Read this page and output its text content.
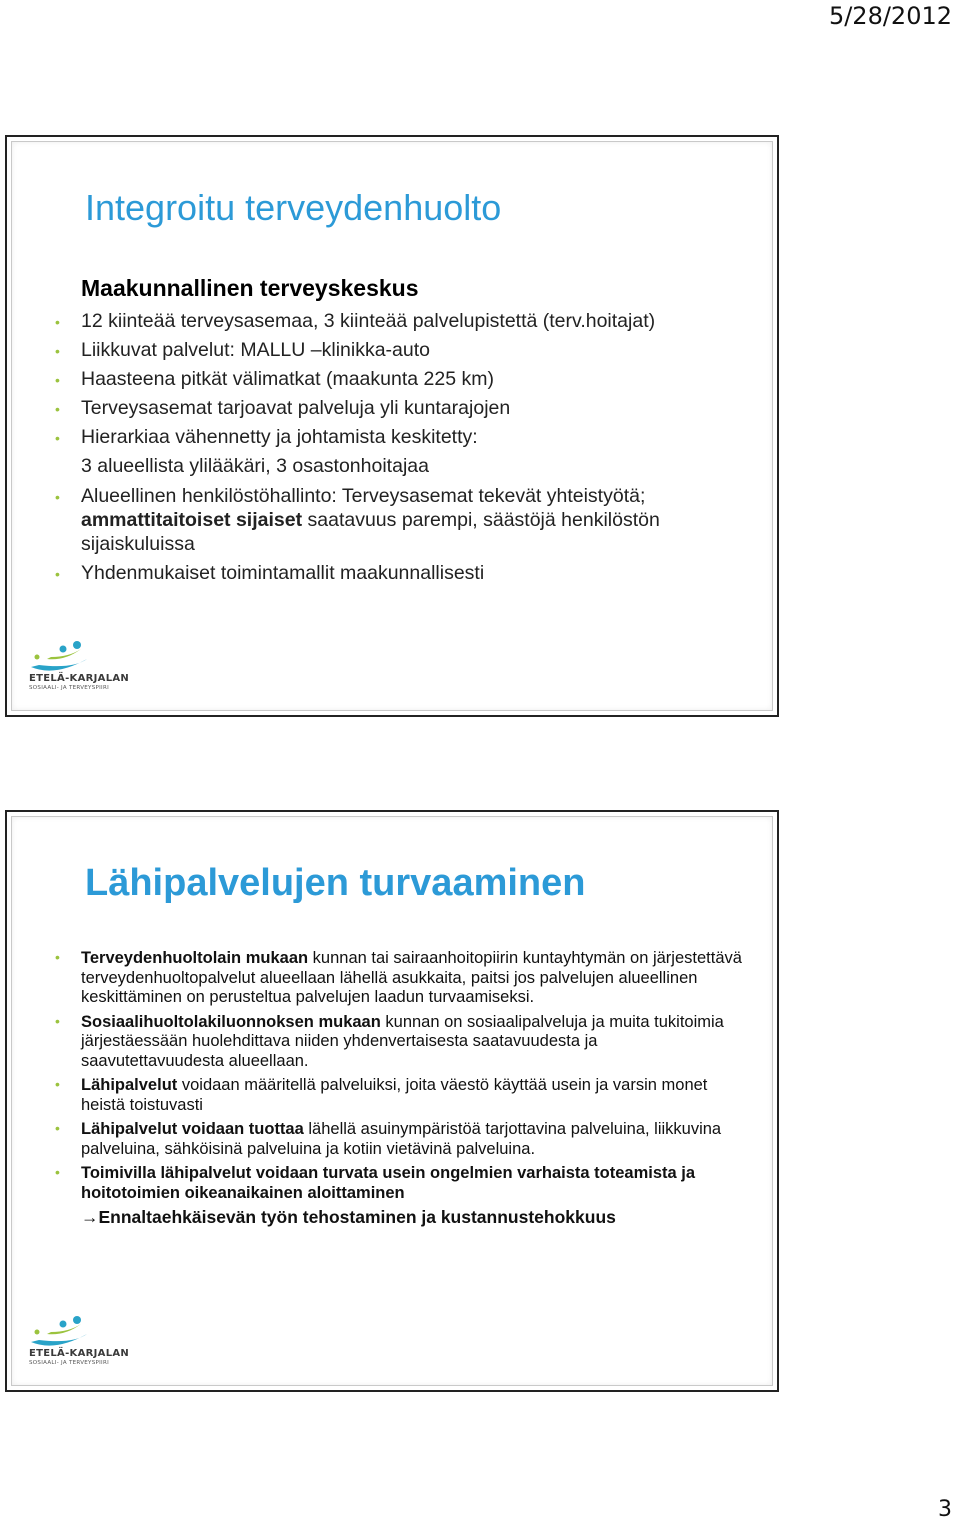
5/28/2012
Integroitu terveydenhuolto
Maakunnallinen terveyskeskus
• 12 kiinteää terveysasemaa, 3 kiinteää palvelupistettä (terv.hoitajat)
• Liikkuvat palvelut: MALLU –klinikka-auto
• Haasteena pitkät välimatkat (maakunta 225 km)
• Terveysasemat tarjoavat palveluja yli kuntarajojen
• Hierarkiaa vähennetty ja johtamista keskitetty:
3 alueellista ylilääkäri, 3 osastonhoitajaa
• Alueellinen henkilöstöhallinto: Terveysasemat tekevät yhteistyötä;
ammattitaitoiset sijaiset saatavuus parempi, säästöjä henkilöstön sijaiskuluissa
• Yhdenmukaiset toimintamallit maakunnallisesti
ETELÄ-KARJALAN
SOSIAALI- JA TERVEYSPIIRI
Lähipalvelujen turvaaminen
• Terveydenhuoltolain mukaan kunnan tai sairaanhoitopiirin kuntayhtymän on järjestettävä terveydenhuoltopalvelut alueellaan lähellä asukkaita, paitsi jos palvelujen alueellinen keskittäminen on perusteltua palvelujen laadun turvaamiseksi.
• Sosiaalihuoltolakiluonnoksen mukaan kunnan on sosiaalipalveluja ja muita tukitoimia järjestäessään huolehdittava niiden yhdenvertaisesta saatavuudesta ja saavutettavuudesta alueellaan.
• Lähipalvelut voidaan määritellä palveluiksi, joita väestö käyttää usein ja varsin monet heistä toistuvasti
• Lähipalvelut voidaan tuottaa lähellä asuinympäristöä tarjottavina palveluina, liikkuvina palveluina, sähköisinä palveluina ja kotiin vietävinä palveluina.
• Toimivilla lähipalvelut voidaan turvata usein ongelmien varhaista toteamista ja hoitotoimien oikeanaikainen aloittaminen
→Ennaltaehkäisevän työn tehostaminen ja kustannustehokkuus
ETELÄ-KARJALAN
SOSIAALI- JA TERVEYSPIIRI
3
